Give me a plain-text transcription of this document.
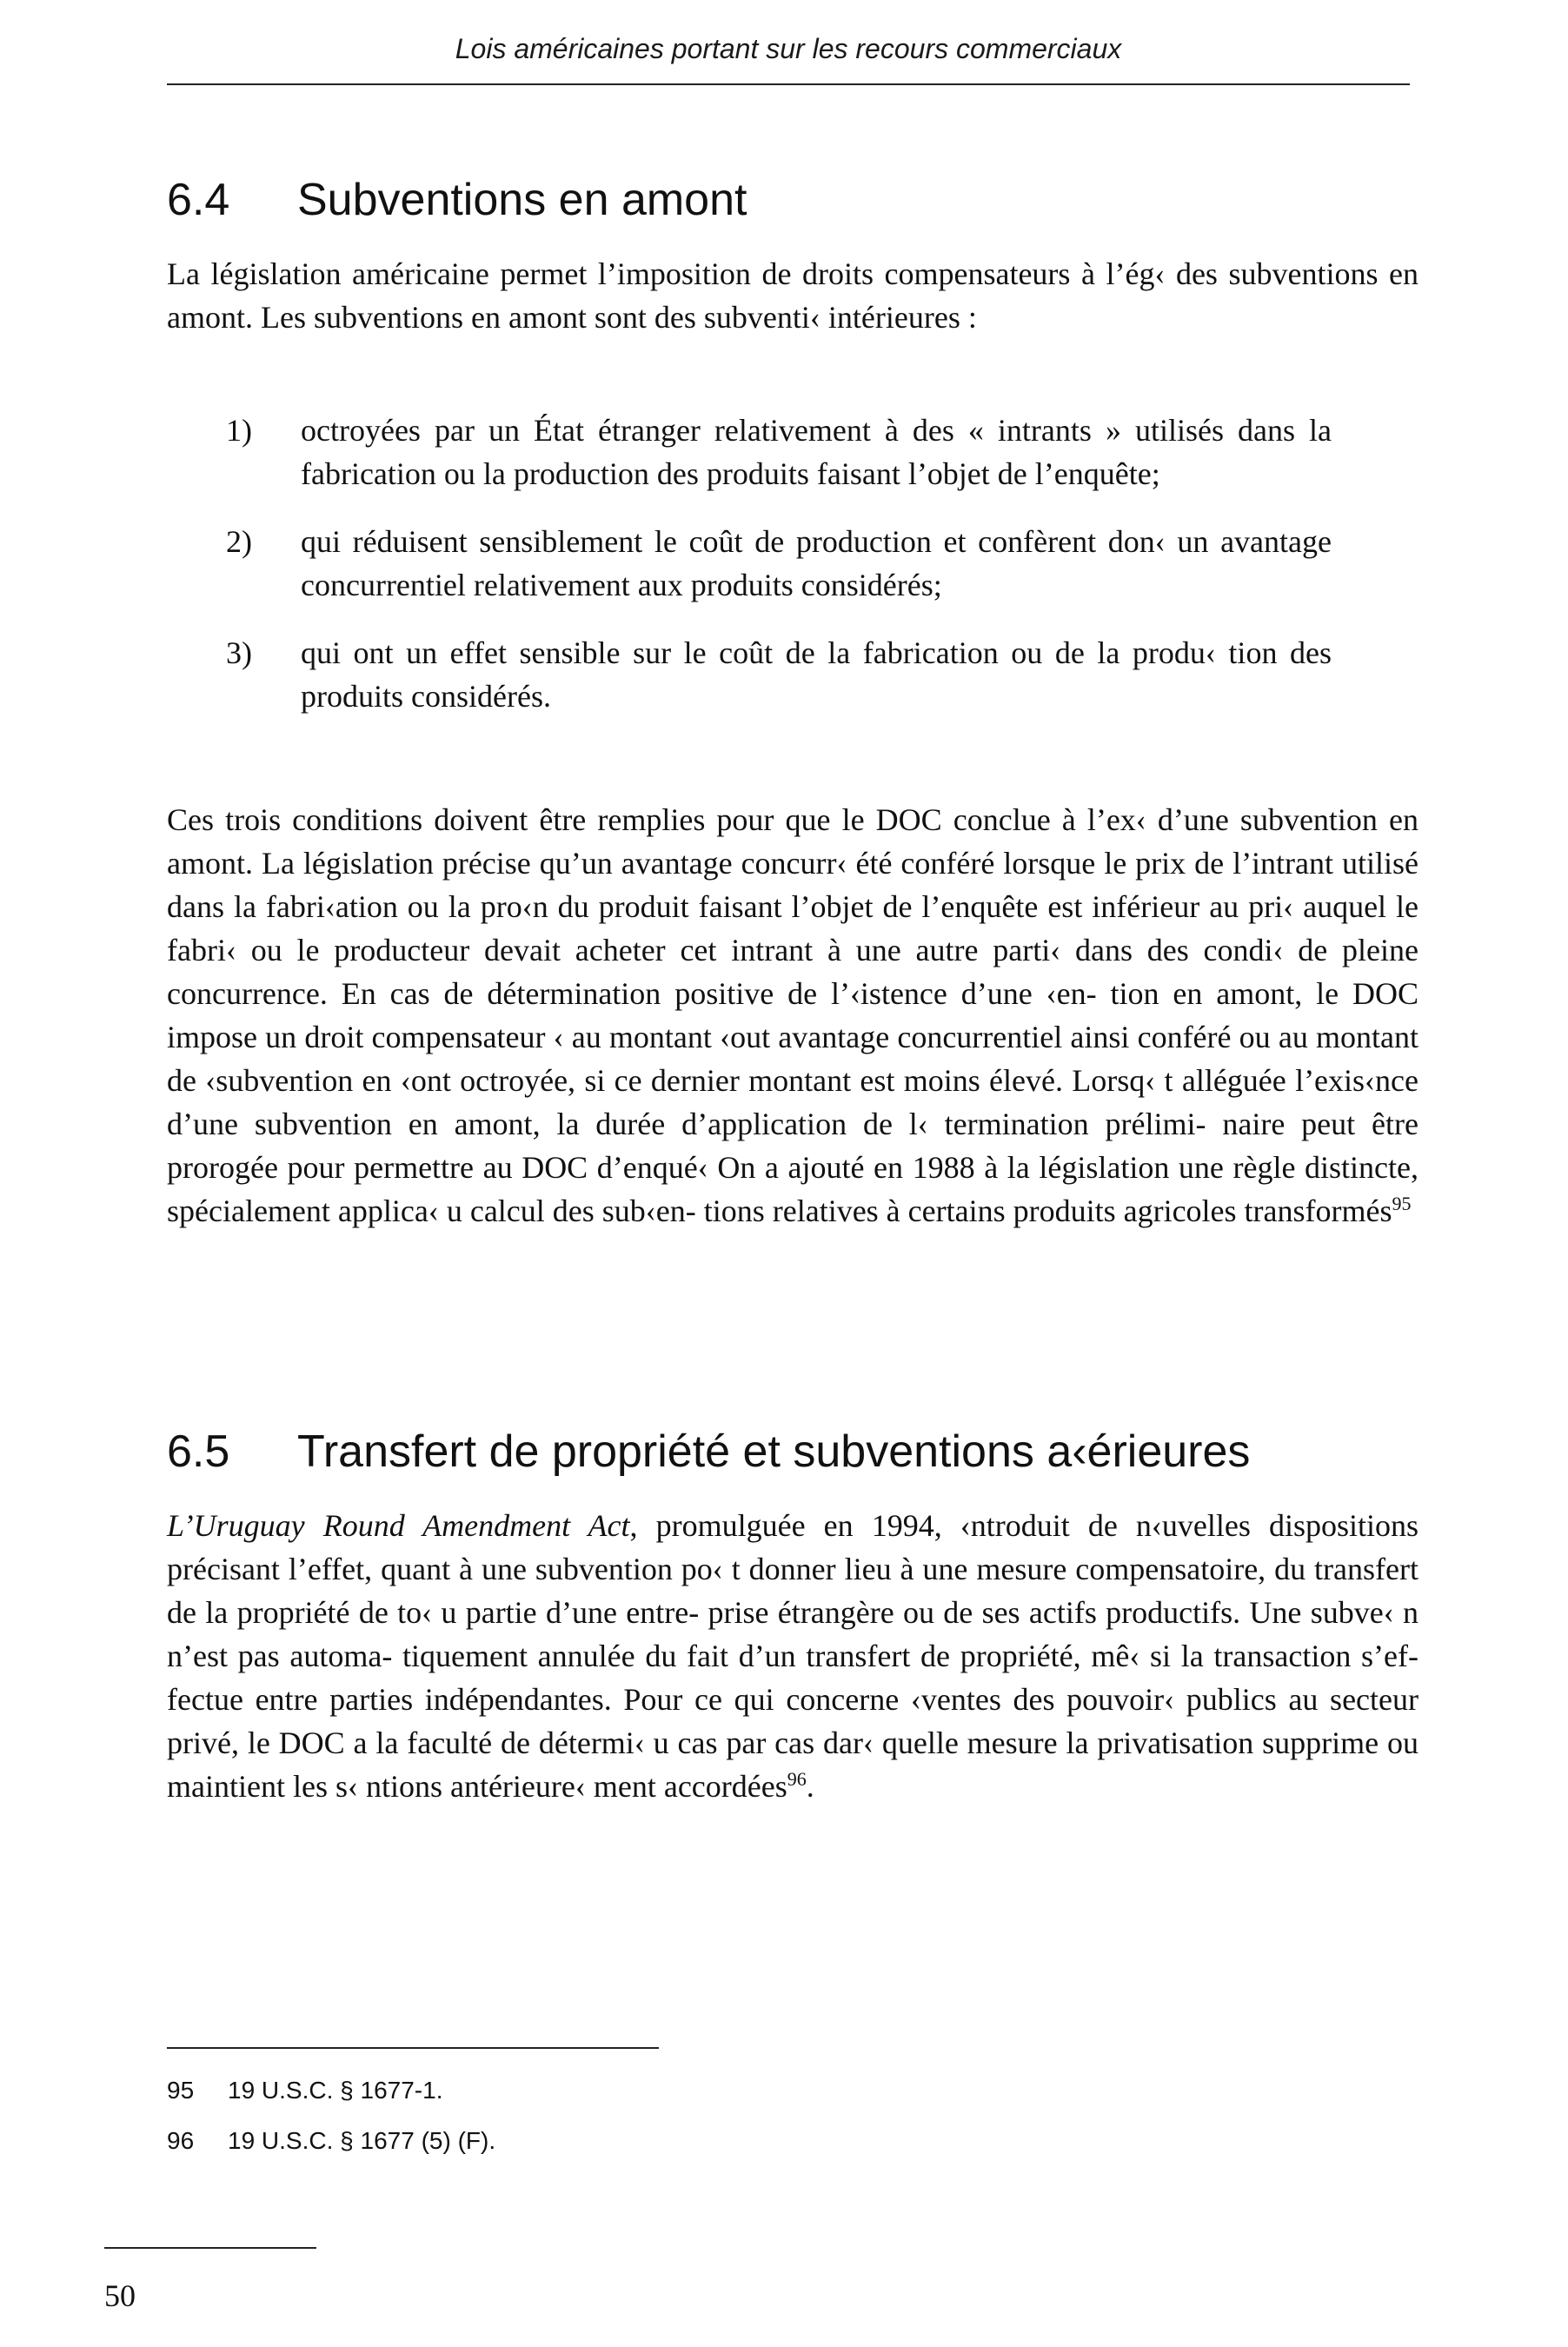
Lois américaines portant sur les recours commerciaux
6.4 Subventions en amont

La législation américaine permet l’imposition de droits compensateurs à l’ég‹ des subventions en amont. Les subventions en amont sont des subventi‹ intérieures :

1)	octroyées par un État étranger relativement à des « intrants » utilisés dans la fabrication ou la production des produits faisant l’objet de l’enquête;
2)	qui réduisent sensiblement le coût de production et confèrent don‹ un avantage concurrentiel relativement aux produits considérés;
3)	qui ont un effet sensible sur le coût de la fabrication ou de la produ‹ tion des produits considérés.

Ces trois conditions doivent être remplies pour que le DOC conclue à l’ex‹ d’une subvention en amont. La législation précise qu’un avantage concurr‹ été conféré lorsque le prix de l’intrant utilisé dans la fabri‹ation ou la pro‹n du produit faisant l’objet de l’enquête est inférieur au pri‹ auquel le fabri‹ ou le producteur devait acheter cet intrant à une autre parti‹ dans des condi‹ de pleine concurrence. En cas de détermination positive de l’‹istence d’une ‹en- tion en amont, le DOC impose un droit compensateur ‹ au montant ‹out avantage concurrentiel ainsi conféré ou au montant de ‹subvention en ‹ont octroyée, si ce dernier montant est moins élevé. Lorsq‹ t alléguée l’exis‹nce d’une subvention en amont, la durée d’application de l‹ termination prélimi- naire peut être prorogée pour permettre au DOC d’enqué‹ On a ajouté en 1988 à la législation une règle distincte, spécialement applica‹ u calcul des sub‹en- tions relatives à certains produits agricoles transformés$^{95}$

6.5 Transfert de propriété et subventions a‹érieures

L’Uruguay Round Amendment Act, promulguée en 1994, ‹ntroduit de n‹uvelles dispositions précisant l’effet, quant à une subvention po‹ t donner lieu à une mesure compensatoire, du transfert de la propriété de to‹ u partie d’une entre- prise étrangère ou de ses actifs productifs. Une subve‹ n n’est pas automa- tiquement annulée du fait d’un transfert de propriété, mê‹ si la transaction s’ef- fectue entre parties indépendantes. Pour ce qui concerne ‹ventes des pouvoir‹ publics au secteur privé, le DOC a la faculté de détermi‹ u cas par cas dar‹ quelle mesure la privatisation supprime ou maintient les s‹ ntions antérieure‹ ment accordées$^{96}$.

95	19 U.S.C. § 1677-1.
96	19 U.S.C. § 1677 (5) (F).
50
